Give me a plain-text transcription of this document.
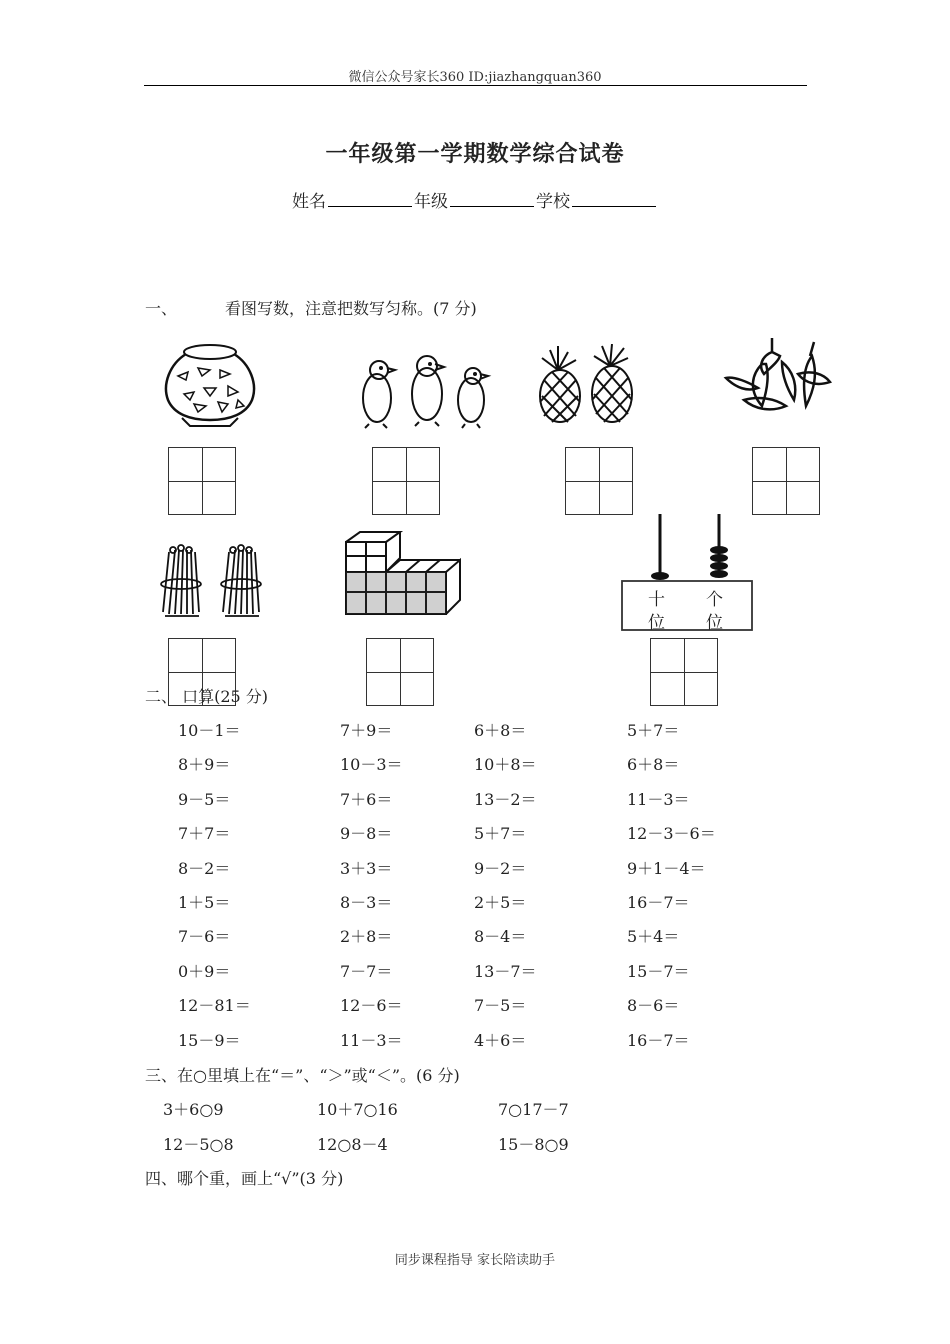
微信公众号家长360 ID:jiazhangquan360
一年级第一学期数学综合试卷
姓名	年级	学校
一、	看图写数，注意把数写匀称。(7 分)
十
位
个
位
二、 口算(25 分)
10－1＝	7＋9＝	6＋8＝	5＋7＝
8＋9＝	10－3＝	10＋8＝	6＋8＝
9－5＝	7＋6＝	13－2＝	11－3＝
7＋7＝	9－8＝	5＋7＝	12－3－6＝
8－2＝	3＋3＝	9－2＝	9＋1－4＝
1＋5＝	8－3＝	2＋5＝	16－7＝
7－6＝	2＋8＝	8－4＝	5＋4＝
0＋9＝	7－7＝	13－7＝	15－7＝
12－81＝	12－6＝	7－5＝	8－6＝
15－9＝	11－3＝	4＋6＝	16－7＝
三、在○里填上在“＝”、“＞”或“＜”。(6 分)
3＋6○9	10＋7○16	7○17－7
12－5○8	12○8－4	15－8○9
四、哪个重，画上“√”(3 分)
同步课程指导 家长陪读助手
